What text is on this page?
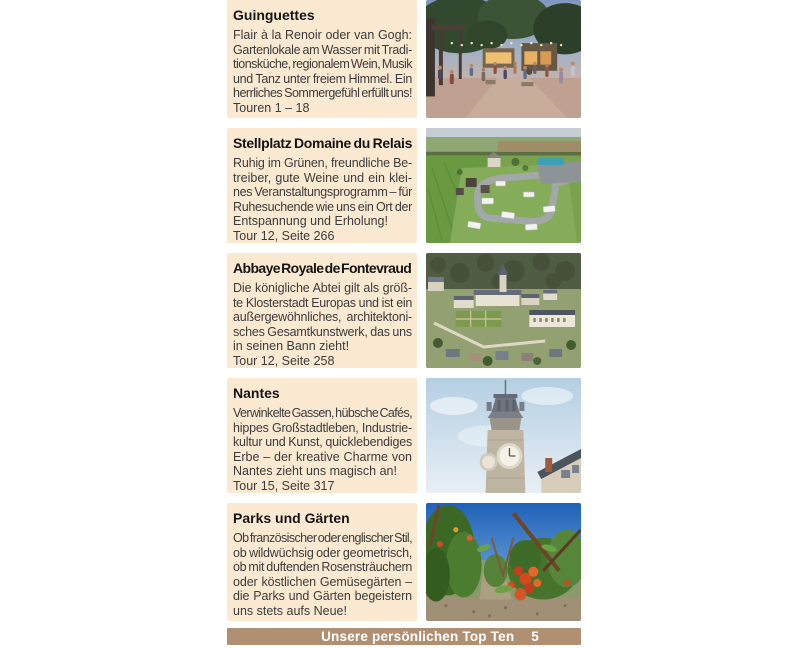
Guinguettes
Flair à la Renoir oder van Gogh:
Gartenlokale am Wasser mit Tradi-
tionsküche, regionalem Wein, Musik
und Tanz unter freiem Himmel. Ein
herrliches Sommergefühl erfüllt uns!
Touren 1 – 18
Stellplatz Domaine du Relais
Ruhig im Grünen, freundliche Be-
treiber, gute Weine und ein klei-
nes Veranstaltungsprogramm – für
Ruhesuchende wie uns ein Ort der
Entspannung und Erholung!
Tour 12, Seite 266
Abbaye Royale de Fontevraud
Die königliche Abtei gilt als größ-
te Klosterstadt Europas und ist ein
außergewöhnliches, architektoni-
sches Gesamtkunstwerk, das uns
in seinen Bann zieht!
Tour 12, Seite 258
Nantes
Verwinkelte Gassen, hübsche Cafés,
hippes Großstadtleben, Industrie-
kultur und Kunst, quicklebendiges
Erbe – der kreative Charme von
Nantes zieht uns magisch an!
Tour 15, Seite 317
Parks und Gärten
Ob französischer oder englischer Stil,
ob wildwüchsig oder geometrisch,
ob mit duftenden Rosensträuchern
oder köstlichen Gemüsegärten –
die Parks und Gärten begeistern
uns stets aufs Neue!
Unsere persönlichen Top Ten 5
